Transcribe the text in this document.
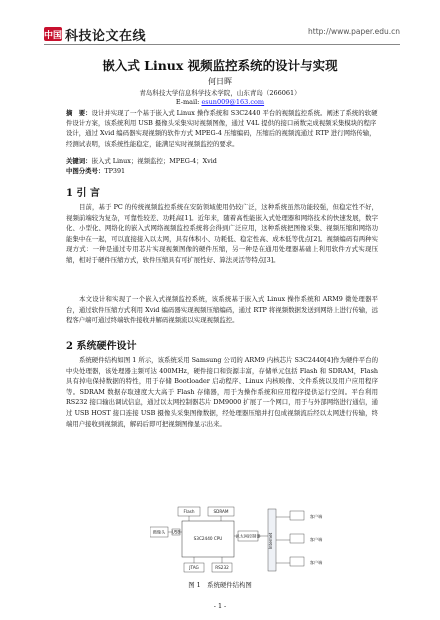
中国 科技论文在线	http://www.paper.edu.cn
嵌入式 Linux 视频监控系统的设计与实现
何日晖
青岛科技大学信息科学技术学院，山东青岛（266061）
E-mail: esun009@163.com
摘　要：设计并实现了一个基于嵌入式 Linux 操作系统和 S3C2440 平台的视频监控系统。阐述了系统的软硬件设计方案，该系统利用 USB 摄像头采集实时视频图像，通过 V4L 提供的接口函数完成视频采集模块的程序设计，通过 Xvid 编码器实现视频的软件方式 MPEG-4 压缩编码，压缩后的视频流通过 RTP 进行网络传输，经测试表明，该系统性能稳定，能满足实时视频监控的要求。
关键词：嵌入式 Linux；视频监控；MPEG-4；Xvid
中图分类号：TP391
1 引 言
目前，基于 PC 的传统视频监控系统在安防领域使用仍较广泛，这种系统虽然功能较强，但稳定性不好，视频前端较为复杂，可靠性较差、功耗高[1]。近年来，随着高性能嵌入式处理器和网络技术的快速发展，数字化、小型化、网络化的嵌入式网络视频监控系统将会得到广泛应用，这种系统把图像采集、视频压缩和网络功能集中在一起，可以直接接入以太网，具有体积小、功耗低、稳定性高、成本低等优点[2]。视频编码有两种实现方式：一种是通过专用芯片实现视频图像的硬件压缩，另一种是在通用处理器基础上利用软件方式实现压缩，相对于硬件压缩方式，软件压缩具有可扩展性好、算法灵活等特点[3]。
本文设计和实现了一个嵌入式视频监控系统，该系统基于嵌入式 Linux 操作系统和 ARM9 微处理器平台，通过软件压缩方式利用 Xvid 编码器实现视频压缩编码，通过 RTP 将视频数据发送到网络上进行传输，远程客户端可通过终端软件接收并解码视频流以实现视频监控。
2 系统硬件设计
系统硬件结构如图 1 所示，该系统采用 Samsung 公司的 ARM9 内核芯片 S3C2440[4]作为硬件平台的中央处理器，该处理器主频可达 400MHz，硬件接口和资源丰富，存储单元包括 Flash 和 SDRAM，Flash 具有掉电保持数据的特性，用于存储 Bootloader 启动程序、Linux 内核映像、文件系统以及用户应用程序等。SDRAM 数据存取速度大大高于 Flash 存储器，用于为操作系统和应用程序提供运行空间。平台利用 RS232 接口输出调试信息，通过以太网控制器芯片 DM9000 扩展了一个网口，用于与外部网络进行通信，通过 USB HOST 接口连接 USB 摄像头采集图像数据，经处理器压缩并打包成视频流后经以太网进行传输，终端用户接收到视频流，解码后即可把视频图像显示出来。
Flash	SDRAM
摄像头 USB
S3C2440 CPU	以太网控制器
JTAG	RS232
Internet
客户端
客户端
客户端
图 1　系统硬件结构图
- 1 -
